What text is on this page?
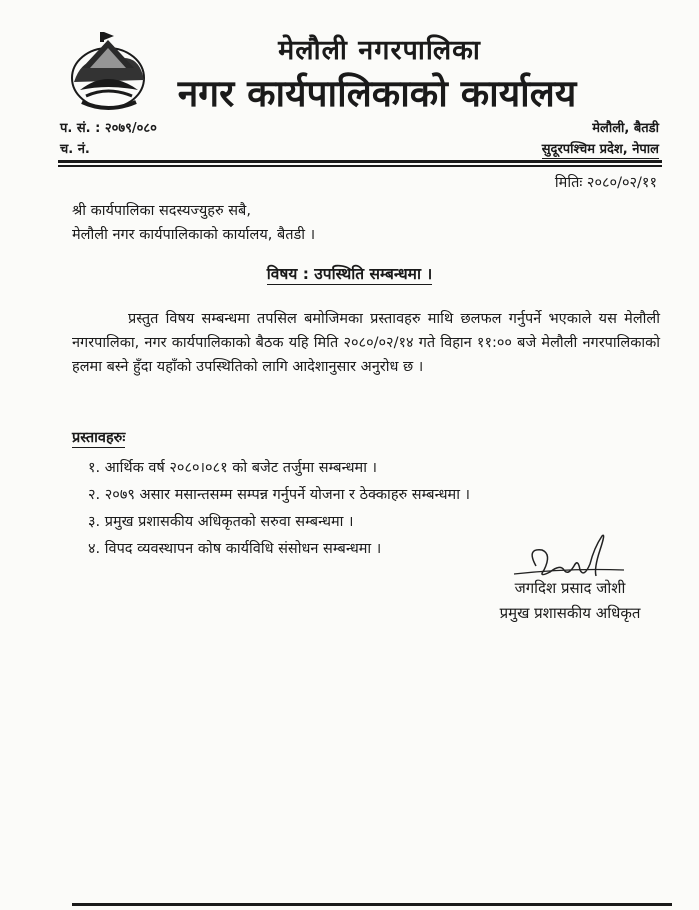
मेलौली नगरपालिका
नगर कार्यपालिकाको कार्यालय
प. सं. : २०७९/०८०
च. नं.
मेलौली, बैतडी
सुदूरपश्चिम प्रदेश, नेपाल
मितिः २०८०/०२/११
श्री कार्यपालिका सदस्यज्युहरु सबै,
मेलौली नगर कार्यपालिकाको कार्यालय, बैतडी ।
विषय : उपस्थिति सम्बन्धमा ।
प्रस्तुत विषय सम्बन्धमा तपसिल बमोजिमका प्रस्तावहरु माथि छलफल गर्नुपर्ने भएकाले यस मेलौली नगरपालिका, नगर कार्यपालिकाको बैठक यहि मिति २०८०/०२/१४ गते विहान ११:०० बजे मेलौली नगरपालिकाको हलमा बस्ने हुँदा यहाँको उपस्थितिको लागि आदेशानुसार अनुरोध छ ।
प्रस्तावहरुः
१. आर्थिक वर्ष २०८०।०८१ को बजेट तर्जुमा सम्बन्धमा ।
२. २०७९ असार मसान्तसम्म सम्पन्न गर्नुपर्ने योजना र ठेक्काहरु सम्बन्धमा ।
३. प्रमुख प्रशासकीय अधिकृतको सरुवा सम्बन्धमा ।
४. विपद व्यवस्थापन कोष कार्यविधि संसोधन सम्बन्धमा ।
जगदिश प्रसाद जोशी
प्रमुख प्रशासकीय अधिकृत
